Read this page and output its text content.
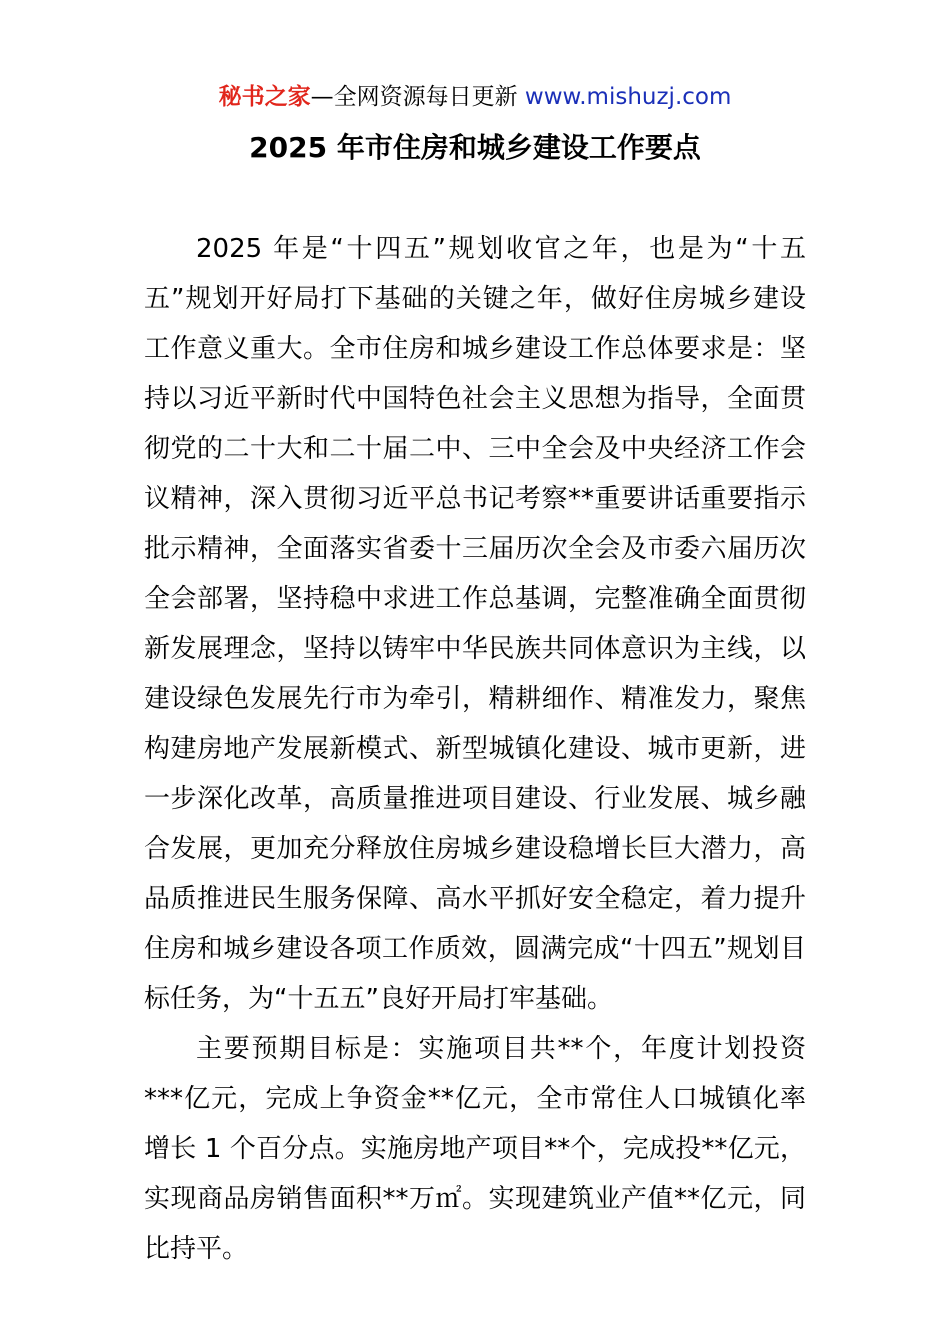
秘书之家—全网资源每日更新 www.mishuzj.com
2025 年市住房和城乡建设工作要点

2025 年是“十四五”规划收官之年，也是为“十五五”规划开好局打下基础的关键之年，做好住房城乡建设工作意义重大。全市住房和城乡建设工作总体要求是：坚持以习近平新时代中国特色社会主义思想为指导，全面贯彻党的二十大和二十届二中、三中全会及中央经济工作会议精神，深入贯彻习近平总书记考察**重要讲话重要指示批示精神，全面落实省委十三届历次全会及市委六届历次全会部署，坚持稳中求进工作总基调，完整准确全面贯彻新发展理念，坚持以铸牢中华民族共同体意识为主线，以建设绿色发展先行市为牵引，精耕细作、精准发力，聚焦构建房地产发展新模式、新型城镇化建设、城市更新，进一步深化改革，高质量推进项目建设、行业发展、城乡融合发展，更加充分释放住房城乡建设稳增长巨大潜力，高品质推进民生服务保障、高水平抓好安全稳定，着力提升住房和城乡建设各项工作质效，圆满完成“十四五”规划目标任务，为“十五五”良好开局打牢基础。

主要预期目标是：实施项目共**个，年度计划投资***亿元，完成上争资金**亿元，全市常住人口城镇化率增长 1 个百分点。实施房地产项目**个，完成投**亿元，实现商品房销售面积**万㎡。实现建筑业产值**亿元，同比持平。
